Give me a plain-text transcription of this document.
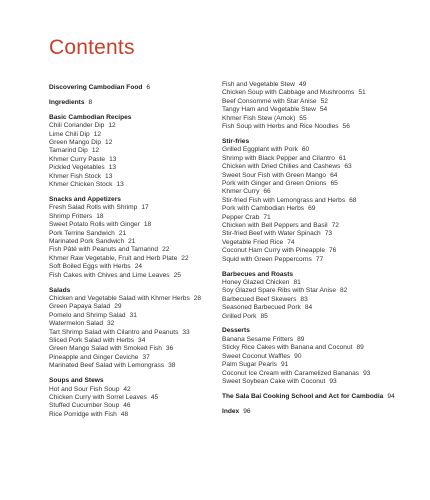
Contents
Discovering Cambodian Food 6
Ingredients 8
Basic Cambodian Recipes
Chili Coriander Dip 12
Lime Chili Dip 12
Green Mango Dip 12
Tamarind Dip 12
Khmer Curry Paste 13
Pickled Vegetables 13
Khmer Fish Stock 13
Khmer Chicken Stock 13
Snacks and Appetizers
Fresh Salad Rolls with Shrimp 17
Shrimp Fritters 18
Sweet Potato Rolls with Ginger 18
Pork Terrine Sandwich 21
Marinated Pork Sandwich 21
Fish Pâté with Peanuts and Tamarind 22
Khmer Raw Vegetable, Fruit and Herb Plate 22
Soft Boiled Eggs with Herbs 24
Fish Cakes with Chives and Lime Leaves 25
Salads
Chicken and Vegetable Salad with Khmer Herbs 28
Green Papaya Salad 29
Pomelo and Shrimp Salad 31
Watermelon Salad 32
Tart Shrimp Salad with Cilantro and Peanuts 33
Sliced Pork Salad with Herbs 34
Green Mango Salad with Smoked Fish 36
Pineapple and Ginger Ceviche 37
Marinated Beef Salad with Lemongrass 38
Soups and Stews
Hot and Sour Fish Soup 42
Chicken Curry with Sorrel Leaves 45
Stuffed Cucumber Soup 46
Rice Porridge with Fish 48
Fish and Vegetable Stew 49
Chicken Soup with Cabbage and Mushrooms 51
Beef Consommé with Star Anise 52
Tangy Ham and Vegetable Stew 54
Khmer Fish Stew (Amok) 55
Fish Soup with Herbs and Rice Noodles 56
Stir-fries
Grilled Eggplant with Pork 60
Shrimp with Black Pepper and Cilantro 61
Chicken with Dried Chilies and Cashews 63
Sweet Sour Fish with Green Mango 64
Pork with Ginger and Green Onions 65
Khmer Curry 66
Stir-fried Fish with Lemongrass and Herbs 68
Pork with Cambodian Herbs 69
Pepper Crab 71
Chicken with Bell Peppers and Basil 72
Stir-fried Beef with Water Spinach 73
Vegetable Fried Rice 74
Coconut Ham Curry with Pineapple 76
Squid with Green Peppercorns 77
Barbecues and Roasts
Honey Glazed Chicken 81
Soy Glazed Spare Ribs with Star Anise 82
Barbecued Beef Skewers 83
Seasoned Barbecued Pork 84
Grilled Pork 85
Desserts
Banana Sesame Fritters 89
Sticky Rice Cakes with Banana and Coconut 89
Sweet Coconut Waffles 90
Palm Sugar Pearls 91
Coconut Ice Cream with Caramelized Bananas 93
Sweet Soybean Cake with Coconut 93
The Sala Bai Cooking School and Act for Cambodia 94
Index 96
